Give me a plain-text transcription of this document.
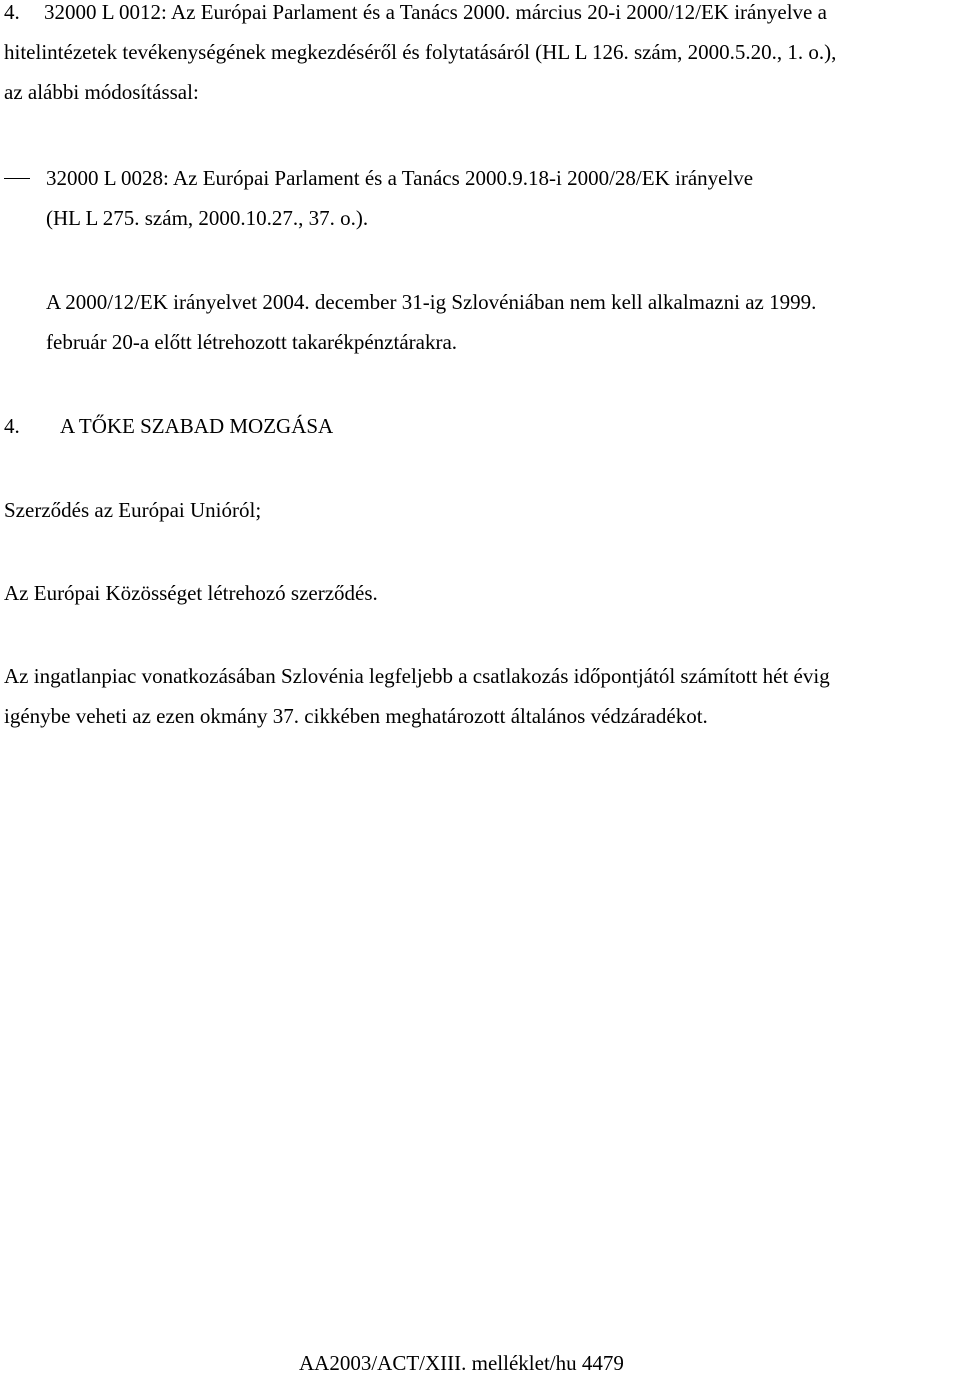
4. 32000 L 0012: Az Európai Parlament és a Tanács 2000. március 20-i 2000/12/EK irányelve a
hitelintézetek tevékenységének megkezdéséről és folytatásáról (HL L 126. szám, 2000.5.20., 1. o.),
az alábbi módosítással:
32000 L 0028: Az Európai Parlament és a Tanács 2000.9.18-i 2000/28/EK irányelve
(HL L 275. szám, 2000.10.27., 37. o.).
A 2000/12/EK irányelvet 2004. december 31-ig Szlovéniában nem kell alkalmazni az 1999.
február 20-a előtt létrehozott takarékpénztárakra.
4. A TŐKE SZABAD MOZGÁSA
Szerződés az Európai Unióról;
Az Európai Közösséget létrehozó szerződés.
Az ingatlanpiac vonatkozásában Szlovénia legfeljebb a csatlakozás időpontjától számított hét évig
igénybe veheti az ezen okmány 37. cikkében meghatározott általános védzáradékot.
AA2003/ACT/XIII. melléklet/hu 4479
